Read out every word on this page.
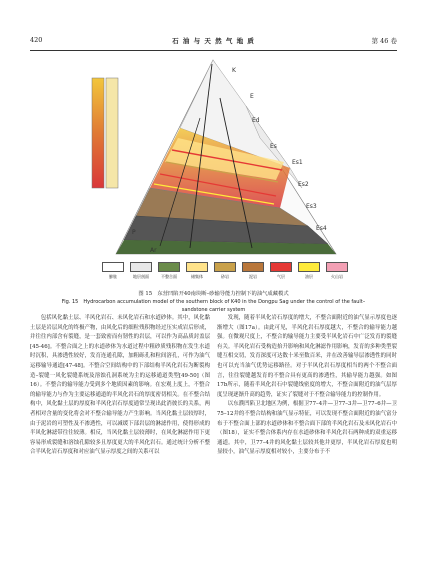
420	石 油 与 天 然 气 地 质	第 46 卷
K
E
Ed
Es
Es1
Es2
Es3
Es4
P
Ar
膨胀	地层剖面	不整合面	储集体	砂岩	泥岩	气层	油层	火山岩
图 15　东营凹陷开40南块断–砂输导能力控制下的油气成藏模式
Fig. 15　Hydrocarbon accumulation model of the southern block of K40 in the Dongpu Sag under the control of the fault–sandstone carrier system

包括风化黏土层、半风化岩石、未风化岩石和水道砂体。其中，风化黏土层是岩层风化的终极产物，由风化后的细粒残积物经过压实成岩后形成，并往往内部含有裂缝，是一套致密而有韧性的岩层，可以作为高品质封盖层[45-46]。不整合面之上的水道砂体为水道过程中粗砂质残积物在发生水道时沉积，具渗透性较好，发育连通孔隙，加粗砾孔和粒间溶孔，可作为油气运移输导通道[47-48]。不整合空间结构中的下部结构半风化岩石为断裂构造–裂缝一风化裂缝系统及溶蚀孔洞系统为主的运移通道类型[49-50]（图16）。不整合的输导能力受到多个地质因素的影响。在宏观上度上，不整合的输导能力与作为主要运移通道的半风化岩石的厚度密切相关。在不整合结构中，风化黏土层的厚度和半风化岩石厚度通常呈现出此消彼长的关系，两者相对含量的变化将会对不整合输导能力产生影响。当风化黏土层较厚时，由于泥岩的可塑性及不渗透性，可以减缓下部岩层的淋滤作用，使得形成的半风化淋滤带往往较薄。相反，当风化黏土层较薄时，在风化淋滤作用下更容易形成裂缝和溶蚀孔隙较多且厚度更大的半风化岩石。通过统计分析不整合半风化岩石厚度和对应油气显示厚度之间的关系可以

发现，随着半风化岩石厚度的增大，不整合面附近的油气显示厚度也逐渐增大（图17a）。由此可见，半风化岩石厚度越大，不整合的输导能力越强。在微观尺度上，不整合的输导能力主要受半风化岩石中广泛发育的裂缝有关。半风化岩石受构造抬升影响和风化淋滤作用影响，发育的多种类型裂缝互相交切，发育深度可达数十米至数百米，并在改善输导层渗透性的同时也可以充当油气优势运移路径。对于半风化岩石厚度相当的两个不整合面言，往往裂缝越发育的不整合具有更高的渗透性，其输导能力越强。如图17b所示，随着半风化岩石中裂缝线密度的增大，不整合面附近的油气层厚度呈现逐渐升高的趋势，证实了裂缝对于不整合输导能力的控制作用。

以东濮凹陷卫北地区为例，根据卫77–4井—卫77–3井—卫77–6井—卫75–12井的不整合结构和油气显示特征，可以发现不整合面附近的油气富分布于不整合面上部的水道砂体和不整合面下部的半风化岩石及未风化岩石中（图18），证实不整合体系内存在水道砂体和半风化岩石两种成的双重运移通道。其中，卫77–4井的风化黏土层较其他井更厚，半风化岩石厚度也明显较小，油气显示厚度相对较小，主要分布于不
